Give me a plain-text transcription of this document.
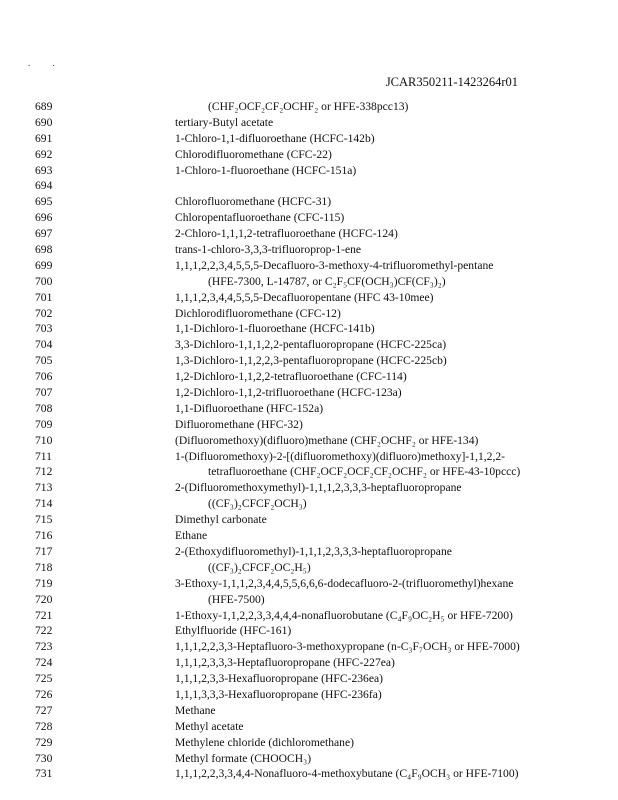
. .
JCAR350211-1423264r01
689	(CHF₂OCF₂CF₂OCHF₂ or HFE-338pcc13)
690	tertiary-Butyl acetate
691	1-Chloro-1,1-difluoroethane (HCFC-142b)
692	Chlorodifluoromethane (CFC-22)
693	1-Chloro-1-fluoroethane (HCFC-151a)
694
695	Chlorofluoromethane (HCFC-31)
696	Chloropentafluoroethane (CFC-115)
697	2-Chloro-1,1,1,2-tetrafluoroethane (HCFC-124)
698	trans-1-chloro-3,3,3-trifluoroprop-1-ene
699	1,1,1,2,2,3,4,5,5,5-Decafluoro-3-methoxy-4-trifluoromethyl-pentane
700	(HFE-7300, L-14787, or C₂F₅CF(OCH₃)CF(CF₃)₂)
701	1,1,1,2,3,4,4,5,5,5-Decafluoropentane (HFC 43-10mee)
702	Dichlorodifluoromethane (CFC-12)
703	1,1-Dichloro-1-fluoroethane (HCFC-141b)
704	3,3-Dichloro-1,1,1,2,2-pentafluoropropane (HCFC-225ca)
705	1,3-Dichloro-1,1,2,2,3-pentafluoropropane (HCFC-225cb)
706	1,2-Dichloro-1,1,2,2-tetrafluoroethane (CFC-114)
707	1,2-Dichloro-1,1,2-trifluoroethane (HCFC-123a)
708	1,1-Difluoroethane (HFC-152a)
709	Difluoromethane (HFC-32)
710	(Difluoromethoxy)(difluoro)methane (CHF₂OCHF₂ or HFE-134)
711	1-(Difluoromethoxy)-2-[(difluoromethoxy)(difluoro)methoxy]-1,1,2,2-
712	tetrafluoroethane (CHF₂OCF₂OCF₂CF₂OCHF₂ or HFE-43-10pccc)
713	2-(Difluoromethoxymethyl)-1,1,1,2,3,3,3-heptafluoropropane
714	((CF₃)₂CFCF₂OCH₃)
715	Dimethyl carbonate
716	Ethane
717	2-(Ethoxydifluoromethyl)-1,1,1,2,3,3,3-heptafluoropropane
718	((CF₃)₂CFCF₂OC₂H₅)
719	3-Ethoxy-1,1,1,2,3,4,4,5,5,6,6,6-dodecafluoro-2-(trifluoromethyl)hexane
720	(HFE-7500)
721	1-Ethoxy-1,1,2,2,3,3,4,4,4-nonafluorobutane (C₄F₉OC₂H₅ or HFE-7200)
722	Ethylfluoride (HFC-161)
723	1,1,1,2,2,3,3-Heptafluoro-3-methoxypropane (n-C₃F₇OCH₃ or HFE-7000)
724	1,1,1,2,3,3,3-Heptafluoropropane (HFC-227ea)
725	1,1,1,2,3,3-Hexafluoropropane (HFC-236ea)
726	1,1,1,3,3,3-Hexafluoropropane (HFC-236fa)
727	Methane
728	Methyl acetate
729	Methylene chloride (dichloromethane)
730	Methyl formate (CHOOCH₃)
731	1,1,1,2,2,3,3,4,4-Nonafluoro-4-methoxybutane (C₄F₉OCH₃ or HFE-7100)
